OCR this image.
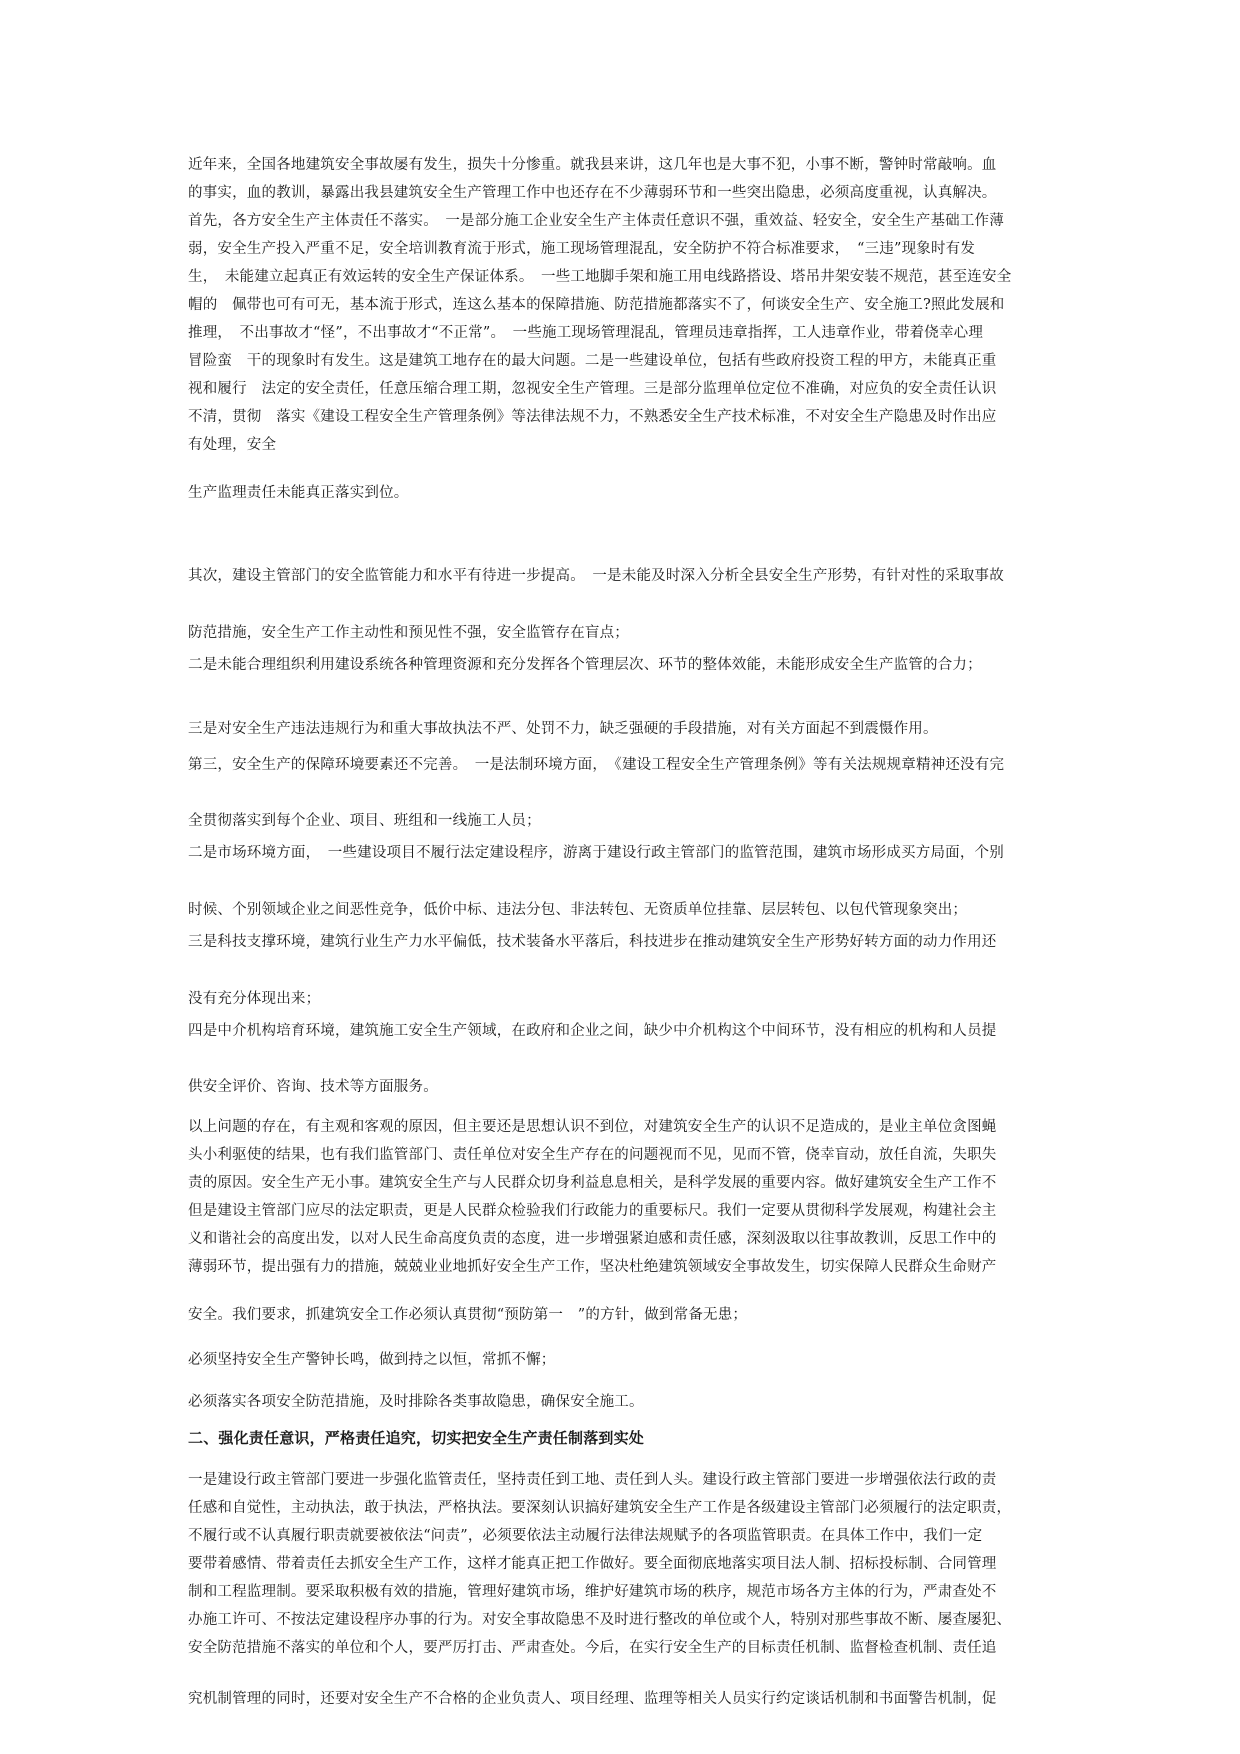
近年来，全国各地建筑安全事故屡有发生，损失十分惨重。就我县来讲，这几年也是大事不犯，小事不断，警钟时常敲响。血
的事实，血的教训，暴露出我县建筑安全生产管理工作中也还存在不少薄弱环节和一些突出隐患，必须高度重视，认真解决。
首先，各方安全生产主体责任不落实。　一是部分施工企业安全生产主体责任意识不强，重效益、轻安全，安全生产基础工作薄
弱，安全生产投入严重不足，安全培训教育流于形式，施工现场管理混乱，安全防护不符合标准要求，　“三违”现象时有发
生，　未能建立起真正有效运转的安全生产保证体系。　一些工地脚手架和施工用电线路搭设、塔吊井架安装不规范，甚至连安全
帽的　佩带也可有可无，基本流于形式，连这么基本的保障措施、防范措施都落实不了，何谈安全生产、安全施工?照此发展和
推理，　不出事故才“怪”，不出事故才“不正常”。　一些施工现场管理混乱，管理员违章指挥，工人违章作业，带着侥幸心理
冒险蛮　干的现象时有发生。这是建筑工地存在的最大问题。二是一些建设单位，包括有些政府投资工程的甲方，未能真正重
视和履行　法定的安全责任，任意压缩合理工期，忽视安全生产管理。三是部分监理单位定位不准确，对应负的安全责任认识
不清，贯彻　落实《建设工程安全生产管理条例》等法律法规不力，不熟悉安全生产技术标准，不对安全生产隐患及时作出应
有处理，安全
生产监理责任未能真正落实到位。
其次，建设主管部门的安全监管能力和水平有待进一步提高。　一是未能及时深入分析全县安全生产形势，有针对性的采取事故
防范措施，安全生产工作主动性和预见性不强，安全监管存在盲点；
二是未能合理组织利用建设系统各种管理资源和充分发挥各个管理层次、环节的整体效能，未能形成安全生产监管的合力；
三是对安全生产违法违规行为和重大事故执法不严、处罚不力，缺乏强硬的手段措施，对有关方面起不到震慑作用。
第三，安全生产的保障环境要素还不完善。　一是法制环境方面，　《建设工程安全生产管理条例》等有关法规规章精神还没有完
全贯彻落实到每个企业、项目、班组和一线施工人员；
二是市场环境方面，　一些建设项目不履行法定建设程序，游离于建设行政主管部门的监管范围，建筑市场形成买方局面，个别
时候、个别领域企业之间恶性竞争，低价中标、违法分包、非法转包、无资质单位挂靠、层层转包、以包代管现象突出；
三是科技支撑环境，建筑行业生产力水平偏低，技术装备水平落后，科技进步在推动建筑安全生产形势好转方面的动力作用还
没有充分体现出来；
四是中介机构培育环境，建筑施工安全生产领域，在政府和企业之间，缺少中介机构这个中间环节，没有相应的机构和人员提
供安全评价、咨询、技术等方面服务。
以上问题的存在，有主观和客观的原因，但主要还是思想认识不到位，对建筑安全生产的认识不足造成的，是业主单位贪图蝇
头小利驱使的结果，也有我们监管部门、责任单位对安全生产存在的问题视而不见，见而不管，侥幸盲动，放任自流，失职失
责的原因。安全生产无小事。建筑安全生产与人民群众切身利益息息相关，是科学发展的重要内容。做好建筑安全生产工作不
但是建设主管部门应尽的法定职责，更是人民群众检验我们行政能力的重要标尺。我们一定要从贯彻科学发展观，构建社会主
义和谐社会的高度出发，以对人民生命高度负责的态度，进一步增强紧迫感和责任感，深刻汲取以往事故教训，反思工作中的
薄弱环节，提出强有力的措施，兢兢业业地抓好安全生产工作，坚决杜绝建筑领域安全事故发生，切实保障人民群众生命财产
安全。我们要求，抓建筑安全工作必须认真贯彻“预防第一　”的方针，做到常备无患；
必须坚持安全生产警钟长鸣，做到持之以恒，常抓不懈；
必须落实各项安全防范措施，及时排除各类事故隐患，确保安全施工。
二、强化责任意识，严格责任追究，切实把安全生产责任制落到实处
一是建设行政主管部门要进一步强化监管责任，坚持责任到工地、责任到人头。建设行政主管部门要进一步增强依法行政的责
任感和自觉性，主动执法，敢于执法，严格执法。要深刻认识搞好建筑安全生产工作是各级建设主管部门必须履行的法定职责，
不履行或不认真履行职责就要被依法“问责”，必须要依法主动履行法律法规赋予的各项监管职责。在具体工作中，我们一定
要带着感情、带着责任去抓安全生产工作，这样才能真正把工作做好。要全面彻底地落实项目法人制、招标投标制、合同管理
制和工程监理制。要采取积极有效的措施，管理好建筑市场，维护好建筑市场的秩序，规范市场各方主体的行为，严肃查处不
办施工许可、不按法定建设程序办事的行为。对安全事故隐患不及时进行整改的单位或个人，特别对那些事故不断、屡查屡犯、
安全防范措施不落实的单位和个人，要严厉打击、严肃查处。今后，在实行安全生产的目标责任机制、监督检查机制、责任追
究机制管理的同时，还要对安全生产不合格的企业负责人、项目经理、监理等相关人员实行约定谈话机制和书面警告机制，促
